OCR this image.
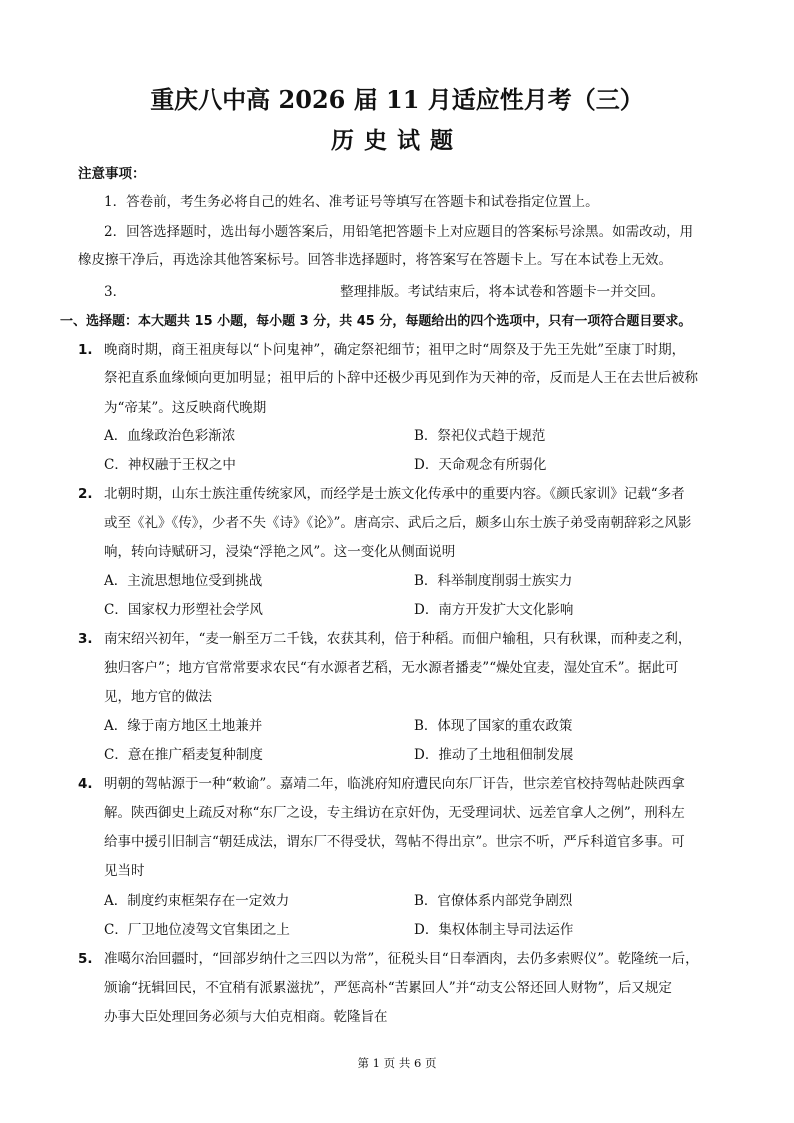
重庆八中高 2026 届 11 月适应性月考（三）
历史试题
注意事项：
1．答卷前，考生务必将自己的姓名、准考证号等填写在答题卡和试卷指定位置上。
2．回答选择题时，选出每小题答案后，用铅笔把答题卡上对应题目的答案标号涂黑。如需改动，用
橡皮擦干净后，再选涂其他答案标号。回答非选择题时，将答案写在答题卡上。写在本试卷上无效。
3．	整理排版。考试结束后，将本试卷和答题卡一并交回。
一、选择题：本大题共 15 小题，每小题 3 分，共 45 分，每题给出的四个选项中，只有一项符合题目要求。
1. 晚商时期，商王祖庚每以“卜问鬼神”，确定祭祀细节；祖甲之时“周祭及于先王先妣”至康丁时期，
祭祀直系血缘倾向更加明显；祖甲后的卜辞中还极少再见到作为天神的帝，反而是人王在去世后被称
为“帝某”。这反映商代晚期
A．血缘政治色彩渐浓	B．祭祀仪式趋于规范
C．神权融于王权之中	D．天命观念有所弱化
2. 北朝时期，山东士族注重传统家风，而经学是士族文化传承中的重要内容。《颜氏家训》记载“多者
或至《礼》《传》，少者不失《诗》《论》”。唐高宗、武后之后，颇多山东士族子弟受南朝辞彩之风影
响，转向诗赋研习，浸染“浮艳之风”。这一变化从侧面说明
A．主流思想地位受到挑战	B．科举制度削弱士族实力
C．国家权力形塑社会学风	D．南方开发扩大文化影响
3. 南宋绍兴初年，“麦一斛至万二千钱，农获其利，倍于种稻。而佃户输租，只有秋课，而种麦之利，
独归客户”；地方官常常要求农民“有水源者艺稻，无水源者播麦”“燥处宜麦，湿处宜禾”。据此可
见，地方官的做法
A．缘于南方地区土地兼并	B．体现了国家的重农政策
C．意在推广稻麦复种制度	D．推动了土地租佃制发展
4. 明朝的驾帖源于一种“敕谕”。嘉靖二年，临洮府知府遭民向东厂讦告，世宗差官校持驾帖赴陕西拿
解。陕西御史上疏反对称“东厂之设，专主缉访在京奸伪，无受理词状、远差官拿人之例”，刑科左
给事中援引旧制言“朝廷成法，谓东厂不得受状，驾帖不得出京”。世宗不听，严斥科道官多事。可
见当时
A．制度约束框架存在一定效力	B．官僚体系内部党争剧烈
C．厂卫地位凌驾文官集团之上	D．集权体制主导司法运作
5. 准噶尔治回疆时，“回部岁纳什之三四以为常”，征税头目“日奉酒肉，去仍多索赆仪”。乾隆统一后，
颁谕“抚辑回民，不宜稍有派累滋扰”，严惩高朴“苦累回人”并“动支公帑还回人财物”，后又规定
办事大臣处理回务必须与大伯克相商。乾隆旨在
第 1 页 共 6 页
